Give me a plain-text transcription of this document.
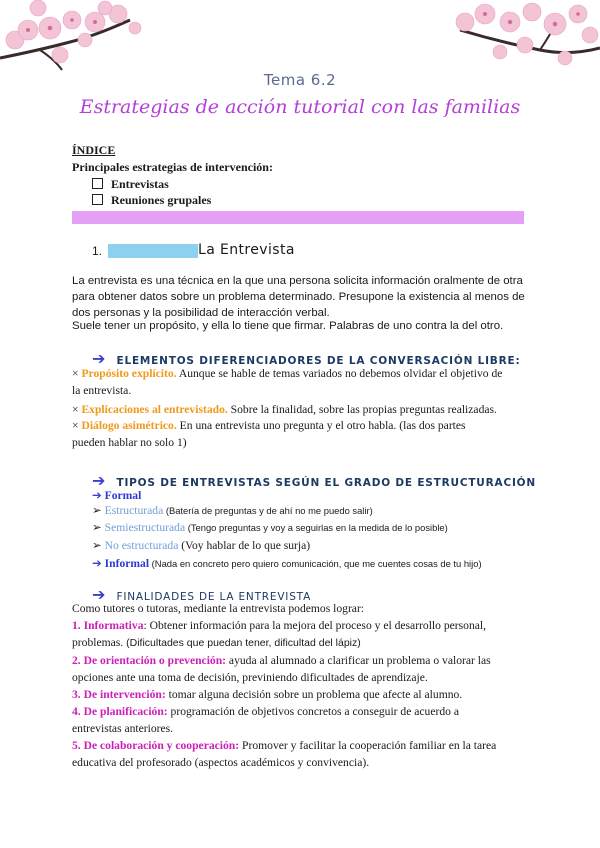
Tema 6.2
Estrategias de acción tutorial con las familias
ÍNDICE
Principales estrategias de intervención:
Entrevistas
Reuniones grupales
1.	La Entrevista
La entrevista es una técnica en la que una persona solicita información oralmente de otra
para obtener datos sobre un problema determinado. Presupone la existencia al menos de
dos personas y la posibilidad de interacción verbal.
Suele tener un propósito, y ella lo tiene que firmar. Palabras de uno contra la del otro.
➔ ELEMENTOS DIFERENCIADORES DE LA CONVERSACIÓN LIBRE:
× Propósito explícito. Aunque se hable de temas variados no debemos olvidar el objetivo de
la entrevista.
× Explicaciones al entrevistado. Sobre la finalidad, sobre las propias preguntas realizadas.
× Diálogo asimétrico. En una entrevista uno pregunta y el otro habla. (las dos partes
pueden hablar no solo 1)
➔ TIPOS DE ENTREVISTAS SEGÚN EL GRADO DE ESTRUCTURACIÓN
➔ Formal
➢ Estructurada (Batería de preguntas y de ahí no me puedo salir)
➢ Semiestructurada (Tengo preguntas y voy a seguirlas en la medida de lo posible)
➢ No estructurada (Voy hablar de lo que surja)
➔ Informal (Nada en concreto pero quiero comunicación, que me cuentes cosas de tu hijo)
➔ FINALIDADES DE LA ENTREVISTA
Como tutores o tutoras, mediante la entrevista podemos lograr:
1. Informativa: Obtener información para la mejora del proceso y el desarrollo personal,
problemas. (Dificultades que puedan tener, dificultad del lápiz)
2. De orientación o prevención: ayuda al alumnado a clarificar un problema o valorar las
opciones ante una toma de decisión, previniendo dificultades de aprendizaje.
3. De intervención: tomar alguna decisión sobre un problema que afecte al alumno.
4. De planificación: programación de objetivos concretos a conseguir de acuerdo a
entrevistas anteriores.
5. De colaboración y cooperación: Promover y facilitar la cooperación familiar en la tarea
educativa del profesorado (aspectos académicos y convivencia).
